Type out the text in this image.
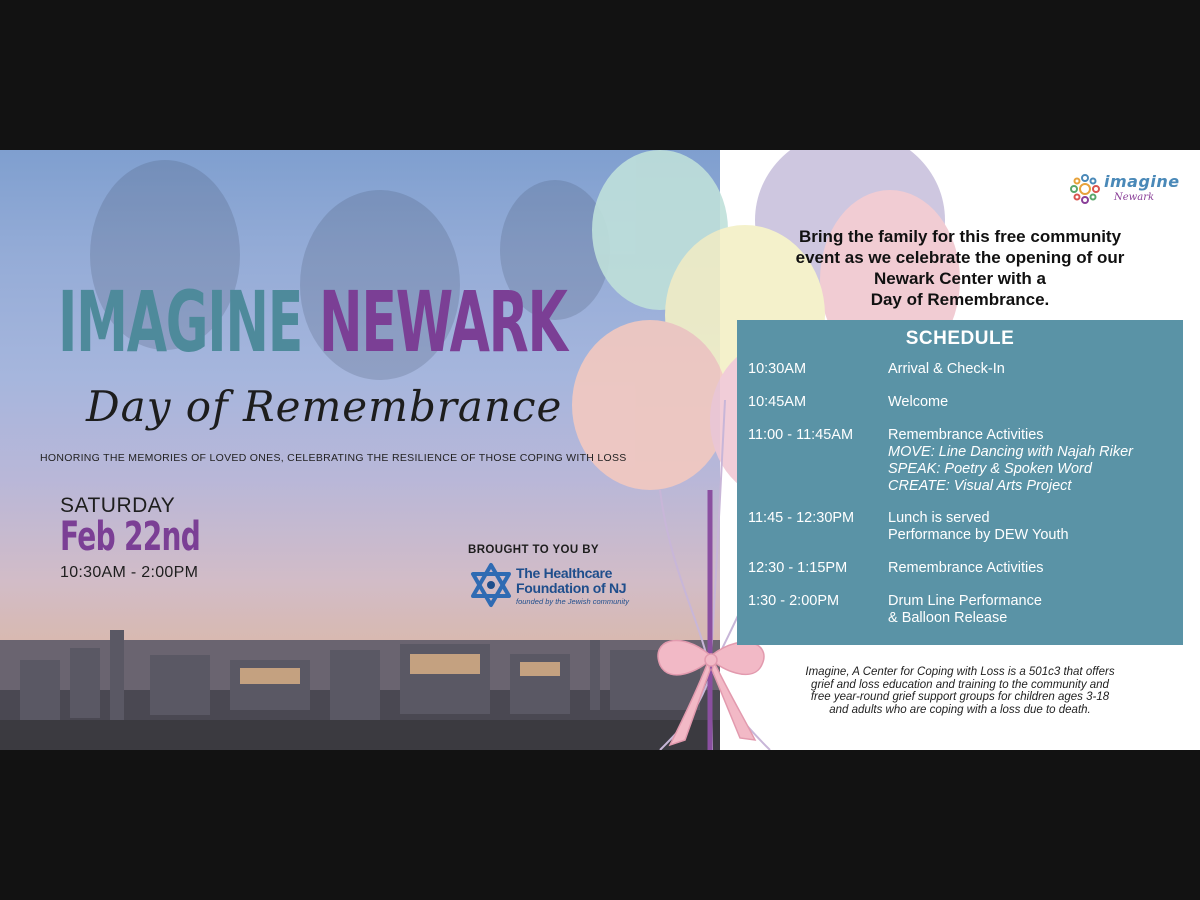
imagine
Newark
Bring the family for this free community
event as we celebrate the opening of our
Newark Center with a
Day of Remembrance.
SCHEDULE
10:30AM	Arrival & Check-In
10:45AM	Welcome
11:00 - 11:45AM	Remembrance Activities
MOVE: Line Dancing with Najah Riker
SPEAK: Poetry & Spoken Word
CREATE: Visual Arts Project
11:45 - 12:30PM	Lunch is served
Performance by DEW Youth
12:30 - 1:15PM	Remembrance Activities
1:30 - 2:00PM	Drum Line Performance
& Balloon Release
Imagine, A Center for Coping with Loss is a 501c3 that offers
grief and loss education and training to the community and
free year-round grief support groups for children ages 3-18
and adults who are coping with a loss due to death.
IMAGINE NEWARK
Day of Remembrance
HONORING THE MEMORIES OF LOVED ONES, CELEBRATING THE RESILIENCE OF THOSE COPING WITH LOSS
SATURDAY
Feb 22nd
10:30AM - 2:00PM
BROUGHT TO YOU BY
The Healthcare
Foundation of NJ
founded by the Jewish community
